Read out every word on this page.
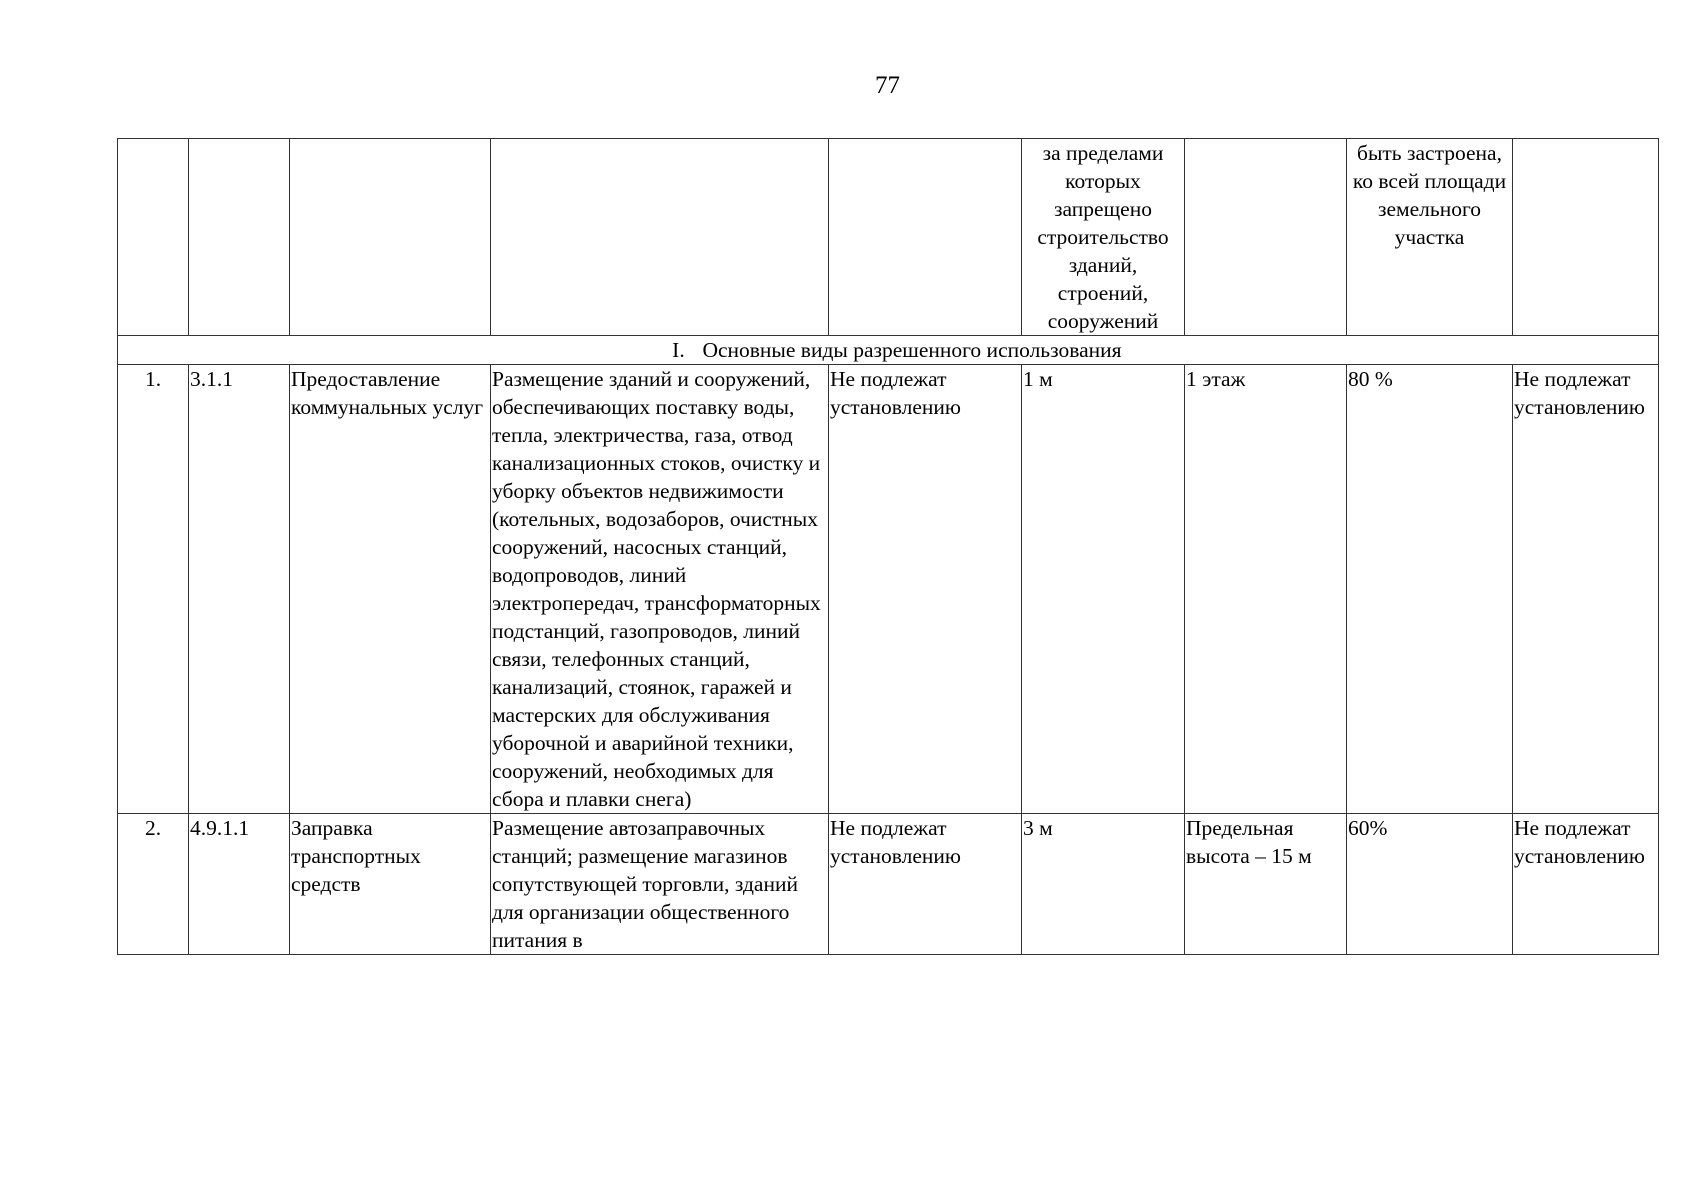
77
					за пределами которых запрещено строительство зданий, строений, сооружений		быть застроена, ко всей площади земельного участка	
I. Основные виды разрешенного использования								
1.	3.1.1	Предоставление коммунальных услуг	Размещение зданий и сооружений, обеспечивающих поставку воды, тепла, электричества, газа, отвод канализационных стоков, очистку и уборку объектов недвижимости (котельных, водозаборов, очистных сооружений, насосных станций, водопроводов, линий электропередач, трансформаторных подстанций, газопроводов, линий связи, телефонных станций, канализаций, стоянок, гаражей и мастерских для обслуживания уборочной и аварийной техники, сооружений, необходимых для сбора и плавки снега)	Не подлежат установлению	1 м	1 этаж	80 %	Не подлежат установлению
2.	4.9.1.1	Заправка транспортных средств	Размещение автозаправочных станций; размещение магазинов сопутствующей торговли, зданий для организации общественного питания в	Не подлежат установлению	3 м	Предельная высота – 15 м	60%	Не подлежат установлению
